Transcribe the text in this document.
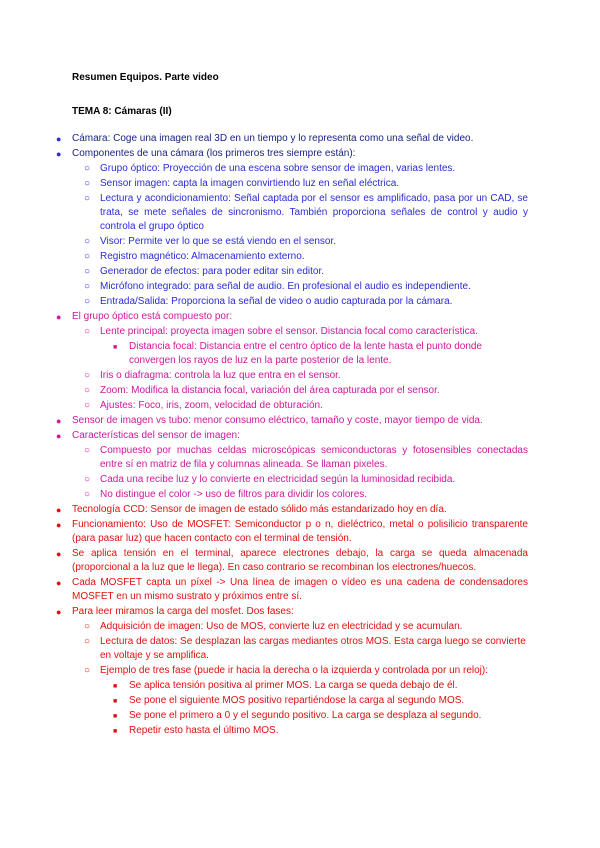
Resumen Equipos. Parte video
TEMA 8: Cámaras (II)
● Cámara: Coge una imagen real 3D en un tiempo y lo representa como una señal de video.
● Componentes de una cámara (los primeros tres siempre están):
○ Grupo óptico: Proyección de una escena sobre sensor de imagen, varias lentes.
○ Sensor imagen: capta la imagen convirtiendo luz en señal eléctrica.
○ Lectura y acondicionamiento: Señal captada por el sensor es amplificado, pasa por un CAD, se trata, se mete señales de sincronismo. También proporciona señales de control y audio y controla el grupo óptico
○ Visor: Permite ver lo que se está viendo en el sensor.
○ Registro magnético: Almacenamiento externo.
○ Generador de efectos: para poder editar sin editor.
○ Micrófono integrado: para señal de audio. En profesional el audio es independiente.
○ Entrada/Salida: Proporciona la señal de video o audio capturada por la cámara.
● El grupo óptico está compuesto por:
○ Lente principal: proyecta imagen sobre el sensor. Distancia focal como característica.
■ Distancia focal: Distancia entre el centro óptico de la lente hasta el punto donde convergen los rayos de luz en la parte posterior de la lente.
○ Iris o diafragma: controla la luz que entra en el sensor.
○ Zoom: Modifica la distancia focal, variación del área capturada por el sensor.
○ Ajustes: Foco, iris, zoom, velocidad de obturación.
● Sensor de imagen vs tubo: menor consumo eléctrico, tamaño y coste, mayor tiempo de vida.
● Características del sensor de imagen:
○ Compuesto por muchas celdas microscópicas semiconductoras y fotosensibles conectadas entre sí en matriz de fila y columnas alineada. Se llaman pixeles.
○ Cada una recibe luz y lo convierte en electricidad según la luminosidad recibida.
○ No distingue el color -> uso de filtros para dividir los colores.
● Tecnología CCD: Sensor de imagen de estado sólido más estandarizado hoy en día.
● Funcionamiento: Uso de MOSFET: Semiconductor p o n, dieléctrico, metal o polisilicio transparente (para pasar luz) que hacen contacto con el terminal de tensión.
● Se aplica tensión en el terminal, aparece electrones debajo, la carga se queda almacenada (proporcional a la luz que le llega). En caso contrario se recombinan los electrones/huecos.
● Cada MOSFET capta un píxel -> Una línea de imagen o vídeo es una cadena de condensadores MOSFET en un mismo sustrato y próximos entre sí.
● Para leer miramos la carga del mosfet. Dos fases:
○ Adquisición de imagen: Uso de MOS, convierte luz en electricidad y se acumulan.
○ Lectura de datos: Se desplazan las cargas mediantes otros MOS. Esta carga luego se convierte en voltaje y se amplifica.
○ Ejemplo de tres fase (puede ir hacia la derecha o la izquierda y controlada por un reloj):
■ Se aplica tensión positiva al primer MOS. La carga se queda debajo de él.
■ Se pone el siguiente MOS positivo repartiéndose la carga al segundo MOS.
■ Se pone el primero a 0 y el segundo positivo. La carga se desplaza al segundo.
■ Repetir esto hasta el último MOS.
